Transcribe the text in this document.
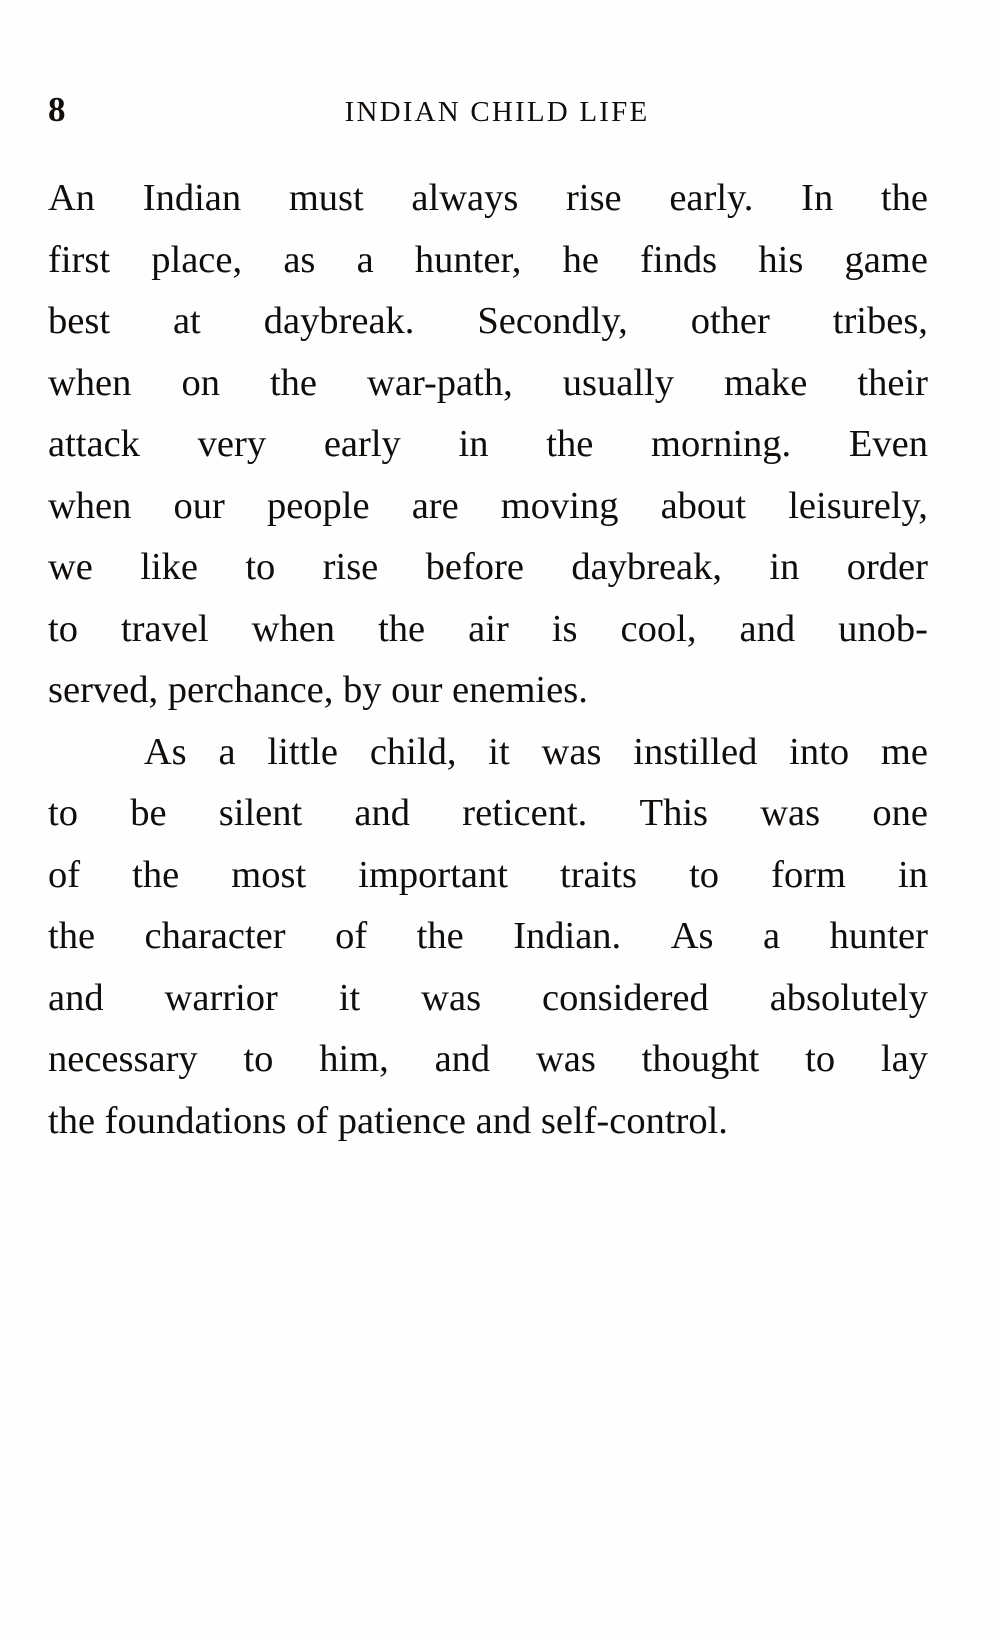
8	INDIAN CHILD LIFE
An Indian must always rise early. In the
first place, as a hunter, he finds his game
best at daybreak. Secondly, other tribes,
when on the war-path, usually make their
attack very early in the morning. Even
when our people are moving about leisurely,
we like to rise before daybreak, in order
to travel when the air is cool, and unob-
served, perchance, by our enemies.
As a little child, it was instilled into me
to be silent and reticent. This was one
of the most important traits to form in
the character of the Indian. As a hunter
and warrior it was considered absolutely
necessary to him, and was thought to lay
the foundations of patience and self-control.
